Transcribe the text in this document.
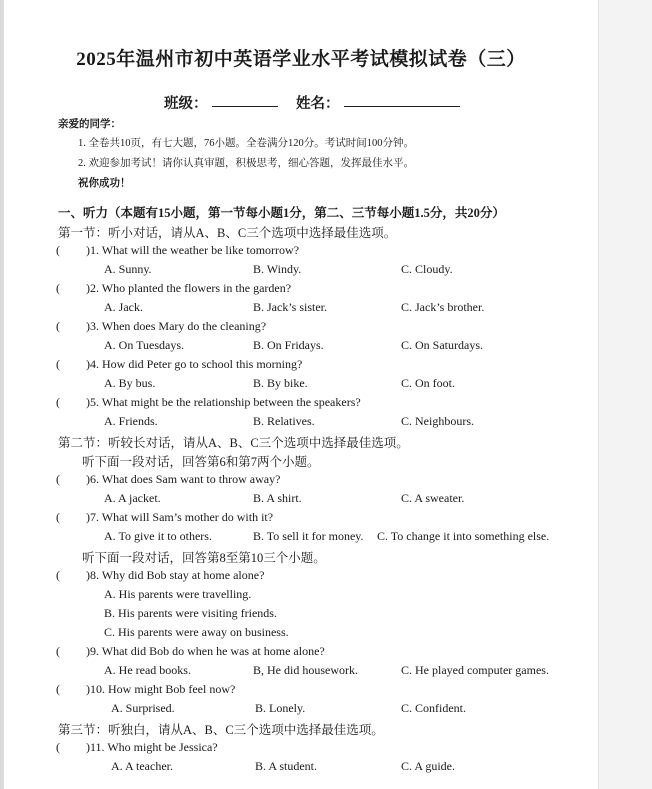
2025年温州市初中英语学业水平考试模拟试卷（三）
班级：	姓名：
亲爱的同学：
1. 全卷共10页，有七大题，76小题。全卷满分120分。考试时间100分钟。
2. 欢迎参加考试！请你认真审题，积极思考，细心答题，发挥最佳水平。
祝你成功！
一、听力（本题有15小题，第一节每小题1分，第二、三节每小题1.5分，共20分）
第一节：听小对话，请从A、B、C三个选项中选择最佳选项。
( )1. What will the weather be like tomorrow?
A. Sunny.	B. Windy.	C. Cloudy.
( )2. Who planted the flowers in the garden?
A. Jack.	B. Jack’s sister.	C. Jack’s brother.
( )3. When does Mary do the cleaning?
A. On Tuesdays.	B. On Fridays.	C. On Saturdays.
( )4. How did Peter go to school this morning?
A. By bus.	B. By bike.	C. On foot.
( )5. What might be the relationship between the speakers?
A. Friends.	B. Relatives.	C. Neighbours.
第二节：听较长对话，请从A、B、C三个选项中选择最佳选项。
听下面一段对话，回答第6和第7两个小题。
( )6. What does Sam want to throw away?
A. A jacket.	B. A shirt.	C. A sweater.
( )7. What will Sam’s mother do with it?
A. To give it to others.	B. To sell it for money. C. To change it into something else.
听下面一段对话，回答第8至第10三个小题。
( )8. Why did Bob stay at home alone?
A. His parents were travelling.
B. His parents were visiting friends.
C. His parents were away on business.
( )9. What did Bob do when he was at home alone?
A. He read books.	B, He did housework.	C. He played computer games.
( )10. How might Bob feel now?
A. Surprised.	B. Lonely.	C. Confident.
第三节：听独白，请从A、B、C三个选项中选择最佳选项。
( )11. Who might be Jessica?
A. A teacher.	B. A student.	C. A guide.
